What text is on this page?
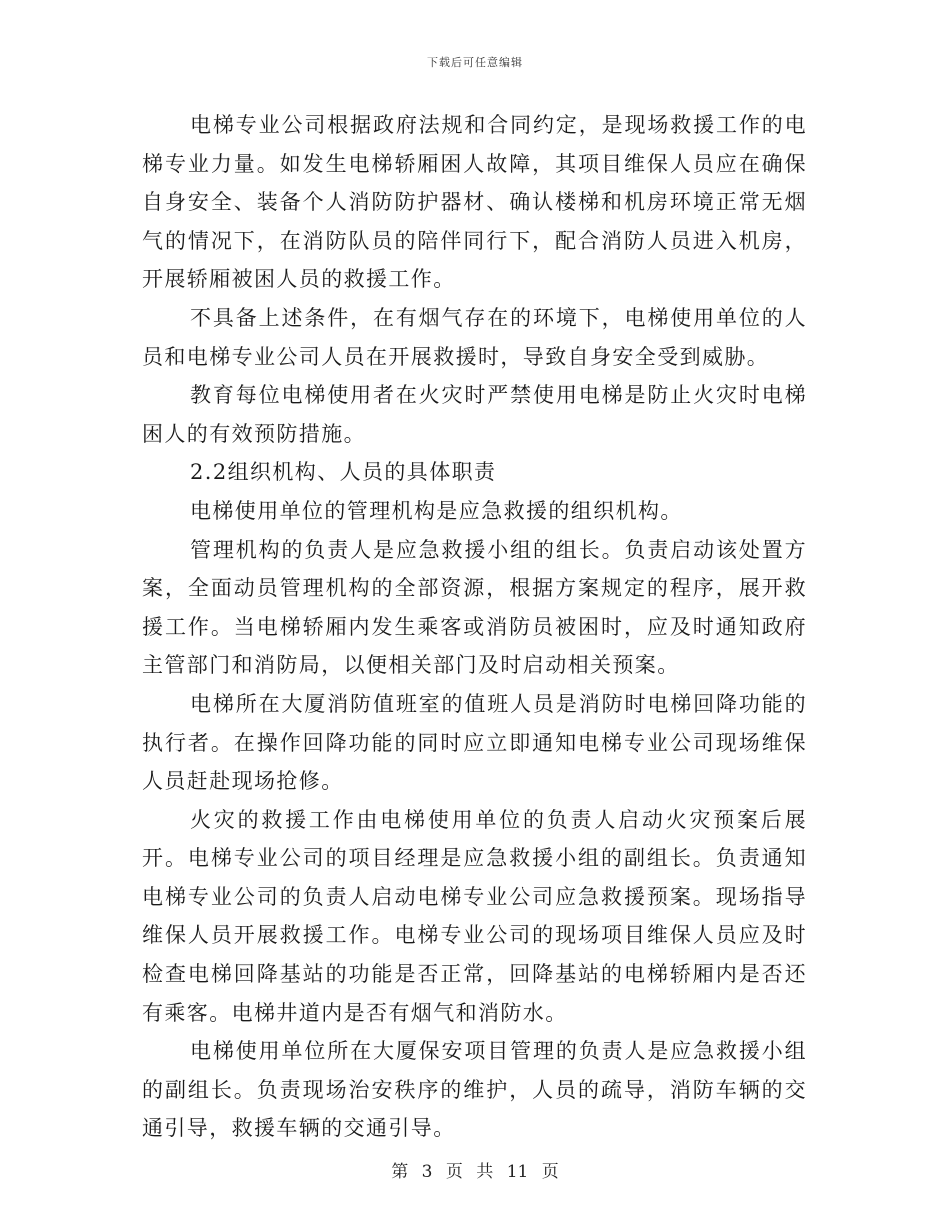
下载后可任意编辑

电梯专业公司根据政府法规和合同约定，是现场救援工作的电梯专业力量。如发生电梯轿厢困人故障，其项目维保人员应在确保自身安全、装备个人消防防护器材、确认楼梯和机房环境正常无烟气的情况下，在消防队员的陪伴同行下，配合消防人员进入机房，开展轿厢被困人员的救援工作。

不具备上述条件，在有烟气存在的环境下，电梯使用单位的人员和电梯专业公司人员在开展救援时，导致自身安全受到威胁。

教育每位电梯使用者在火灾时严禁使用电梯是防止火灾时电梯困人的有效预防措施。

2.2组织机构、人员的具体职责

电梯使用单位的管理机构是应急救援的组织机构。

管理机构的负责人是应急救援小组的组长。负责启动该处置方案，全面动员管理机构的全部资源，根据方案规定的程序，展开救援工作。当电梯轿厢内发生乘客或消防员被困时，应及时通知政府主管部门和消防局，以便相关部门及时启动相关预案。

电梯所在大厦消防值班室的值班人员是消防时电梯回降功能的执行者。在操作回降功能的同时应立即通知电梯专业公司现场维保人员赶赴现场抢修。

火灾的救援工作由电梯使用单位的负责人启动火灾预案后展开。电梯专业公司的项目经理是应急救援小组的副组长。负责通知电梯专业公司的负责人启动电梯专业公司应急救援预案。现场指导维保人员开展救援工作。电梯专业公司的现场项目维保人员应及时检查电梯回降基站的功能是否正常，回降基站的电梯轿厢内是否还有乘客。电梯井道内是否有烟气和消防水。

电梯使用单位所在大厦保安项目管理的负责人是应急救援小组的副组长。负责现场治安秩序的维护，人员的疏导，消防车辆的交通引导，救援车辆的交通引导。

第 3 页 共 11 页
